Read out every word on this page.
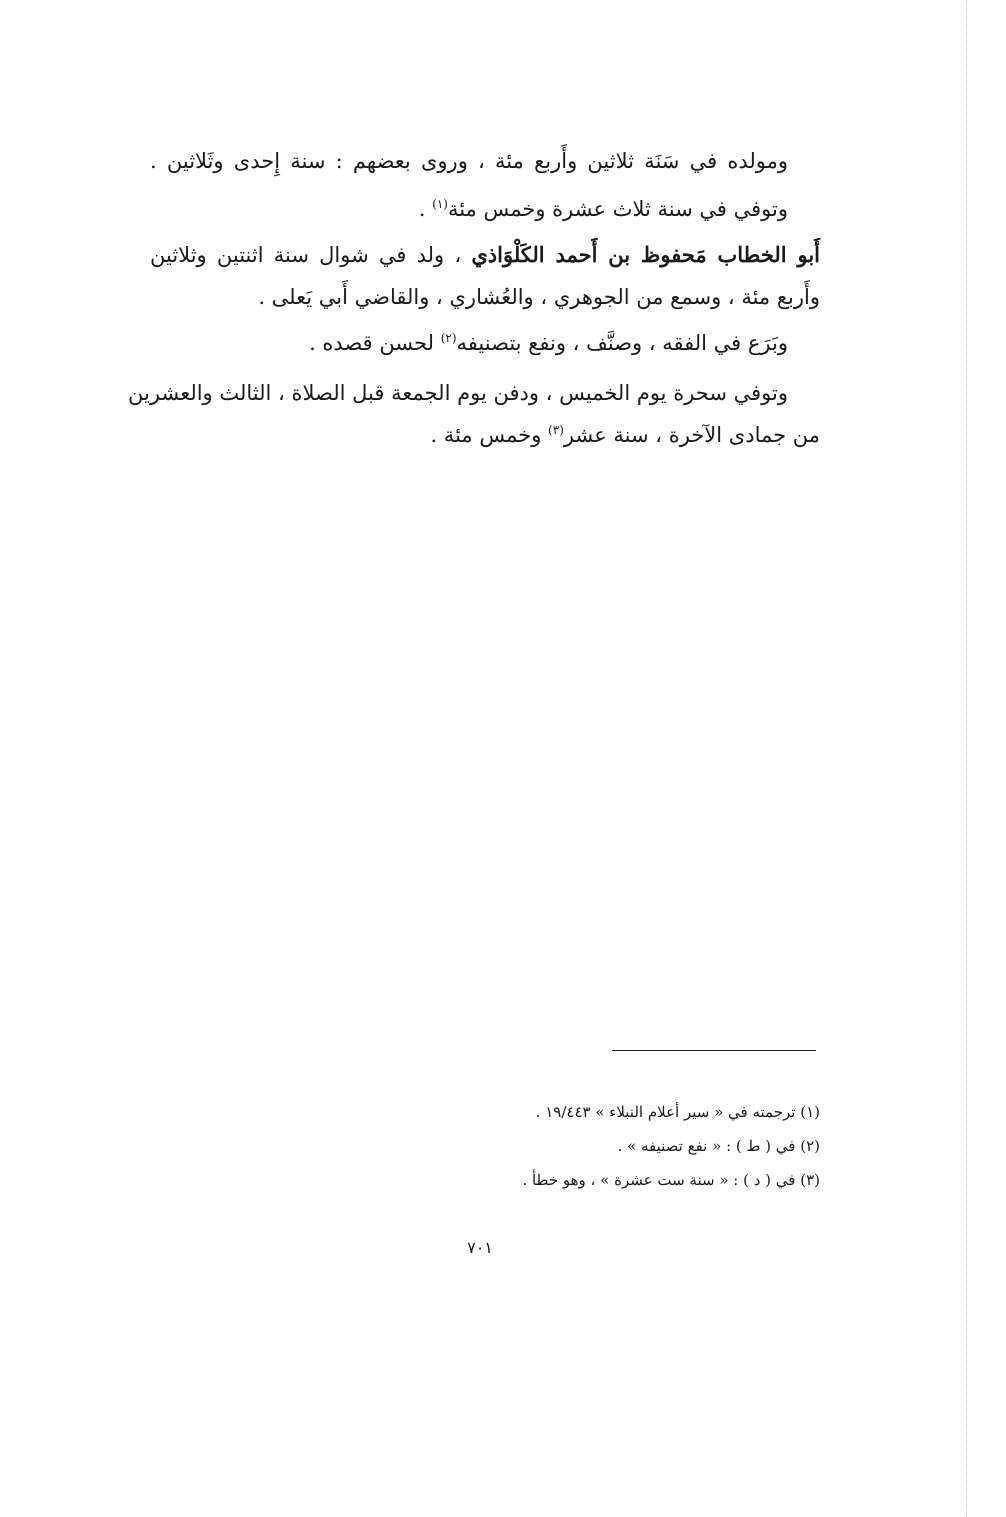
ومولده في سَنَة ثلاثين وأَربع مئة ، وروى بعضهم : سنة إِحدى وثَلاثين .
وتوفي في سنة ثلاث عشرة وخمس مئة$^{(١)}$ .
أَبو الخطاب مَحفوظ بن أَحمد الكَلْوَاذي ، ولد في شوال سنة اثنتين وثلاثين
وأَربع مئة ، وسمع من الجوهري ، والعُشاري ، والقاضي أَبي يَعلى .
وبَرَع في الفقه ، وصنَّف ، ونفع بتصنيفه$^{(٢)}$ لحسن قصده .
وتوفي سحرة يوم الخميس ، ودفن يوم الجمعة قبل الصلاة ، الثالث والعشرين
من جمادى الآخرة ، سنة عشر$^{(٣)}$ وخمس مئة .
(١) ترجمته في « سير أعلام النبلاء » ١٩/٤٤٣ .
(٢) في ( ط ) : « نفع تصنيفه » .
(٣) في ( د ) : « سنة ست عشرة » ، وهو خطأ .
٧٠١
